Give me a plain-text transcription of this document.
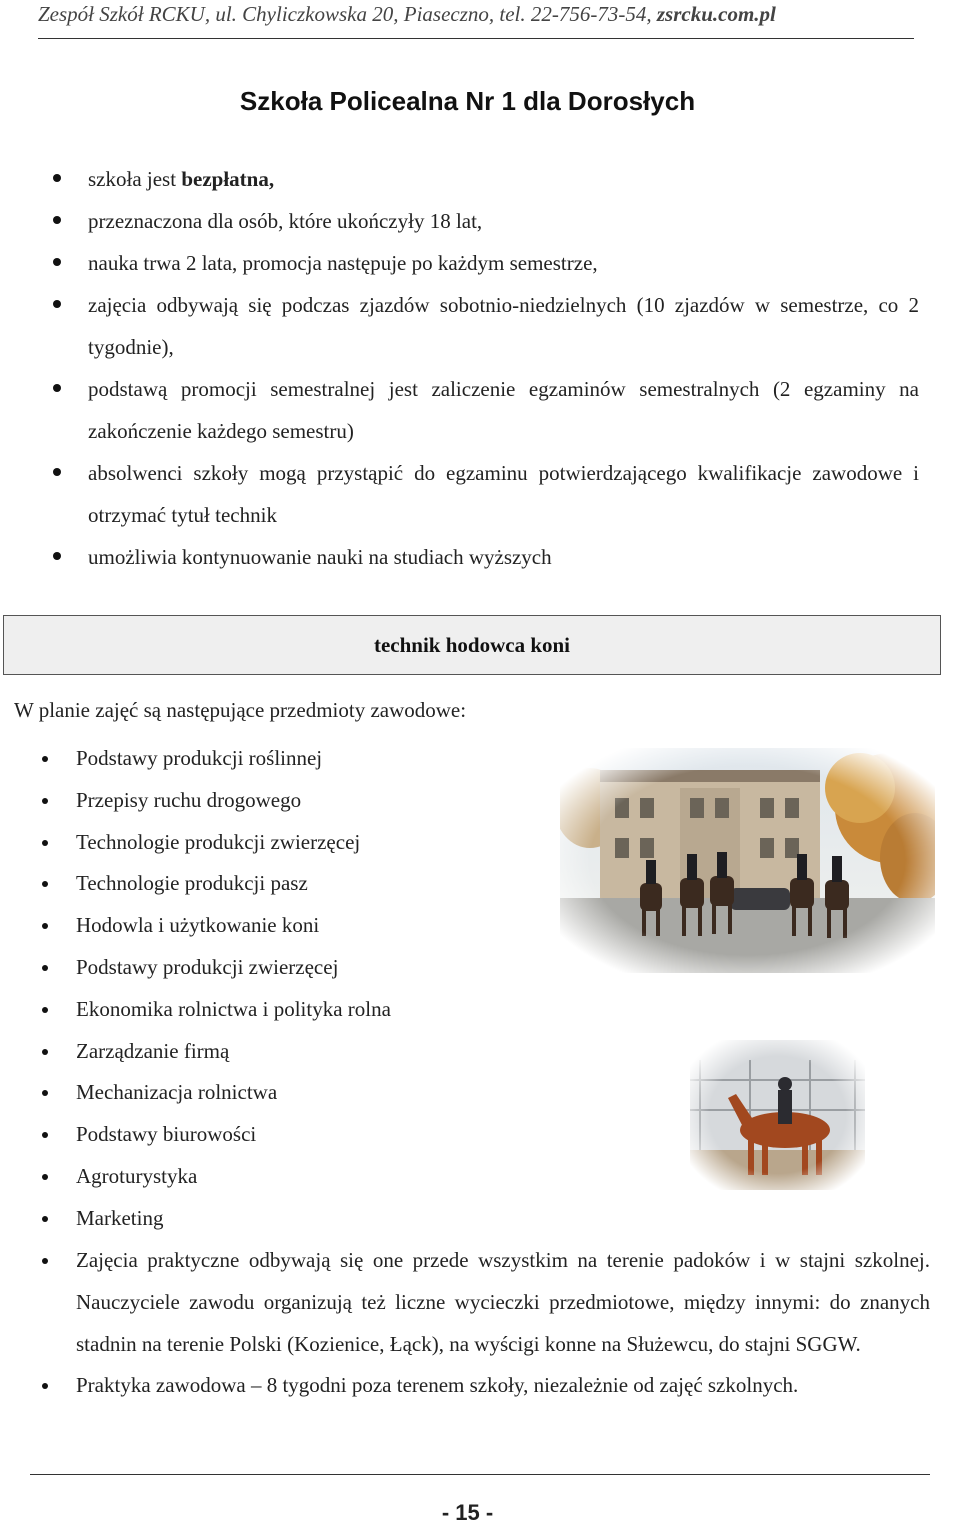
Zespół Szkół RCKU, ul. Chyliczkowska 20, Piaseczno, tel. 22-756-73-54, zsrcku.com.pl
Szkoła Policealna Nr 1 dla Dorosłych
szkoła jest bezpłatna,
przeznaczona dla osób, które ukończyły 18 lat,
nauka trwa 2 lata, promocja następuje po każdym semestrze,
zajęcia odbywają się podczas zjazdów sobotnio-niedzielnych (10 zjazdów w semestrze, co 2 tygodnie),
podstawą promocji semestralnej jest zaliczenie egzaminów semestralnych (2 egzaminy na zakończenie każdego semestru)
absolwenci szkoły mogą przystąpić do egzaminu potwierdzającego kwalifikacje zawodowe i otrzymać tytuł technik
umożliwia kontynuowanie nauki na studiach wyższych
technik hodowca koni
W planie zajęć są następujące przedmioty zawodowe:
Podstawy produkcji roślinnej
Przepisy ruchu drogowego
Technologie produkcji zwierzęcej
Technologie produkcji pasz
Hodowla i użytkowanie koni
Podstawy produkcji zwierzęcej
Ekonomika rolnictwa i polityka rolna
Zarządzanie firmą
Mechanizacja rolnictwa
Podstawy biurowości
Agroturystyka
Marketing
Zajęcia praktyczne odbywają się one przede wszystkim na terenie padoków i w stajni szkolnej. Nauczyciele zawodu organizują też liczne wycieczki przedmiotowe, między innymi: do znanych stadnin na terenie Polski (Kozienice, Łąck), na wyścigi konne na Służewcu, do stajni SGGW.
Praktyka zawodowa – 8 tygodni poza terenem szkoły, niezależnie od zajęć szkolnych.
- 15 -
